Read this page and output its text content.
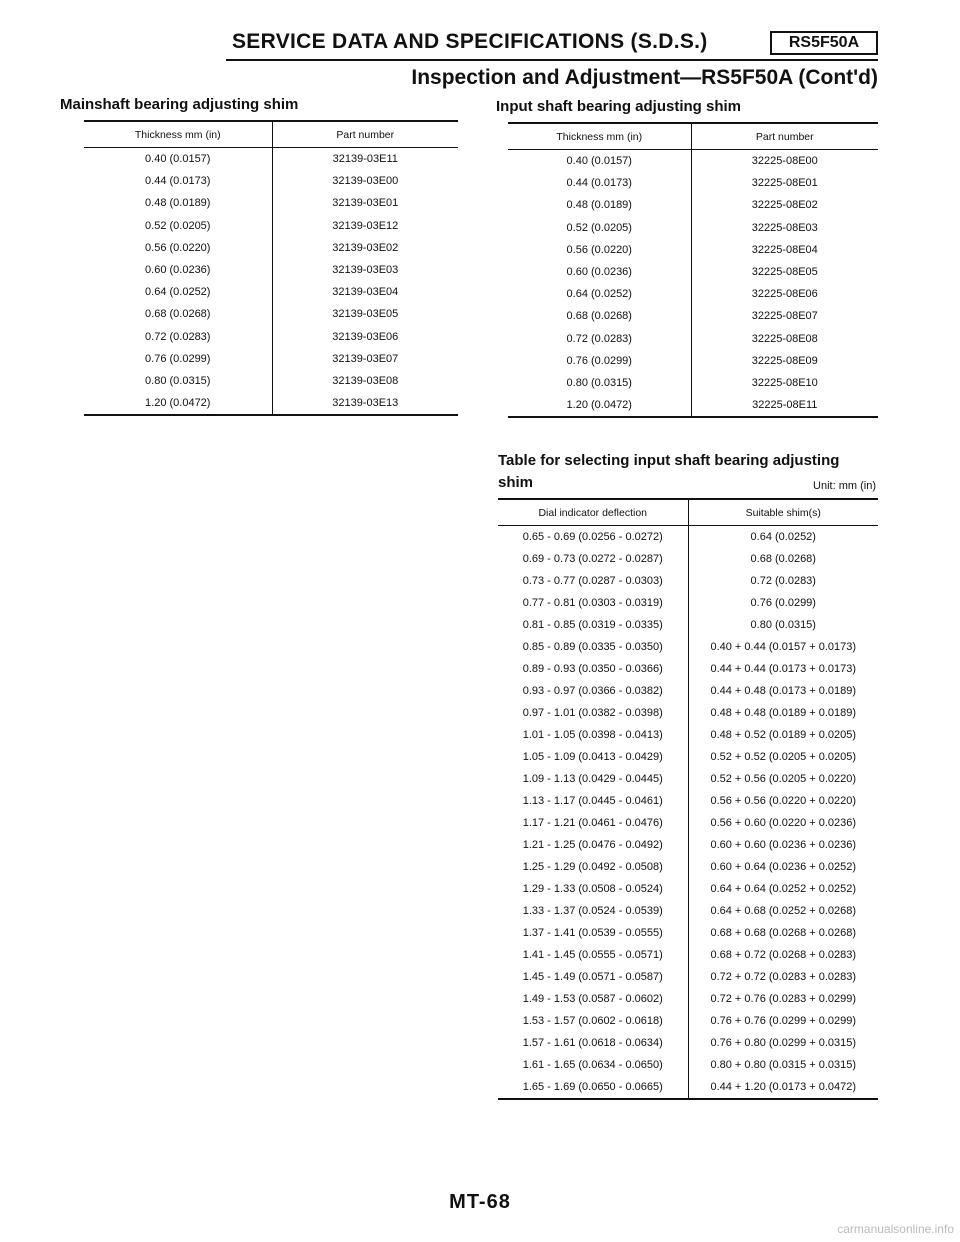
SERVICE DATA AND SPECIFICATIONS (S.D.S.)	RS5F50A
Inspection and Adjustment—RS5F50A (Cont'd)
Mainshaft bearing adjusting shim
Thickness mm (in)	Part number
0.40 (0.0157)	32139-03E11
0.44 (0.0173)	32139-03E00
0.48 (0.0189)	32139-03E01
0.52 (0.0205)	32139-03E12
0.56 (0.0220)	32139-03E02
0.60 (0.0236)	32139-03E03
0.64 (0.0252)	32139-03E04
0.68 (0.0268)	32139-03E05
0.72 (0.0283)	32139-03E06
0.76 (0.0299)	32139-03E07
0.80 (0.0315)	32139-03E08
1.20 (0.0472)	32139-03E13
Input shaft bearing adjusting shim
Thickness mm (in)	Part number
0.40 (0.0157)	32225-08E00
0.44 (0.0173)	32225-08E01
0.48 (0.0189)	32225-08E02
0.52 (0.0205)	32225-08E03
0.56 (0.0220)	32225-08E04
0.60 (0.0236)	32225-08E05
0.64 (0.0252)	32225-08E06
0.68 (0.0268)	32225-08E07
0.72 (0.0283)	32225-08E08
0.76 (0.0299)	32225-08E09
0.80 (0.0315)	32225-08E10
1.20 (0.0472)	32225-08E11
Table for selecting input shaft bearing adjusting
shim	Unit: mm (in)
Dial indicator deflection	Suitable shim(s)
0.65 - 0.69 (0.0256 - 0.0272)	0.64 (0.0252)
0.69 - 0.73 (0.0272 - 0.0287)	0.68 (0.0268)
0.73 - 0.77 (0.0287 - 0.0303)	0.72 (0.0283)
0.77 - 0.81 (0.0303 - 0.0319)	0.76 (0.0299)
0.81 - 0.85 (0.0319 - 0.0335)	0.80 (0.0315)
0.85 - 0.89 (0.0335 - 0.0350)	0.40 + 0.44 (0.0157 + 0.0173)
0.89 - 0.93 (0.0350 - 0.0366)	0.44 + 0.44 (0.0173 + 0.0173)
0.93 - 0.97 (0.0366 - 0.0382)	0.44 + 0.48 (0.0173 + 0.0189)
0.97 - 1.01 (0.0382 - 0.0398)	0.48 + 0.48 (0.0189 + 0.0189)
1.01 - 1.05 (0.0398 - 0.0413)	0.48 + 0.52 (0.0189 + 0.0205)
1.05 - 1.09 (0.0413 - 0.0429)	0.52 + 0.52 (0.0205 + 0.0205)
1.09 - 1.13 (0.0429 - 0.0445)	0.52 + 0.56 (0.0205 + 0.0220)
1.13 - 1.17 (0.0445 - 0.0461)	0.56 + 0.56 (0.0220 + 0.0220)
1.17 - 1.21 (0.0461 - 0.0476)	0.56 + 0.60 (0.0220 + 0.0236)
1.21 - 1.25 (0.0476 - 0.0492)	0.60 + 0.60 (0.0236 + 0.0236)
1.25 - 1.29 (0.0492 - 0.0508)	0.60 + 0.64 (0.0236 + 0.0252)
1.29 - 1.33 (0.0508 - 0.0524)	0.64 + 0.64 (0.0252 + 0.0252)
1.33 - 1.37 (0.0524 - 0.0539)	0.64 + 0.68 (0.0252 + 0.0268)
1.37 - 1.41 (0.0539 - 0.0555)	0.68 + 0.68 (0.0268 + 0.0268)
1.41 - 1.45 (0.0555 - 0.0571)	0.68 + 0.72 (0.0268 + 0.0283)
1.45 - 1.49 (0.0571 - 0.0587)	0.72 + 0.72 (0.0283 + 0.0283)
1.49 - 1.53 (0.0587 - 0.0602)	0.72 + 0.76 (0.0283 + 0.0299)
1.53 - 1.57 (0.0602 - 0.0618)	0.76 + 0.76 (0.0299 + 0.0299)
1.57 - 1.61 (0.0618 - 0.0634)	0.76 + 0.80 (0.0299 + 0.0315)
1.61 - 1.65 (0.0634 - 0.0650)	0.80 + 0.80 (0.0315 + 0.0315)
1.65 - 1.69 (0.0650 - 0.0665)	0.44 + 1.20 (0.0173 + 0.0472)
MT-68
carmanualsonline.info
